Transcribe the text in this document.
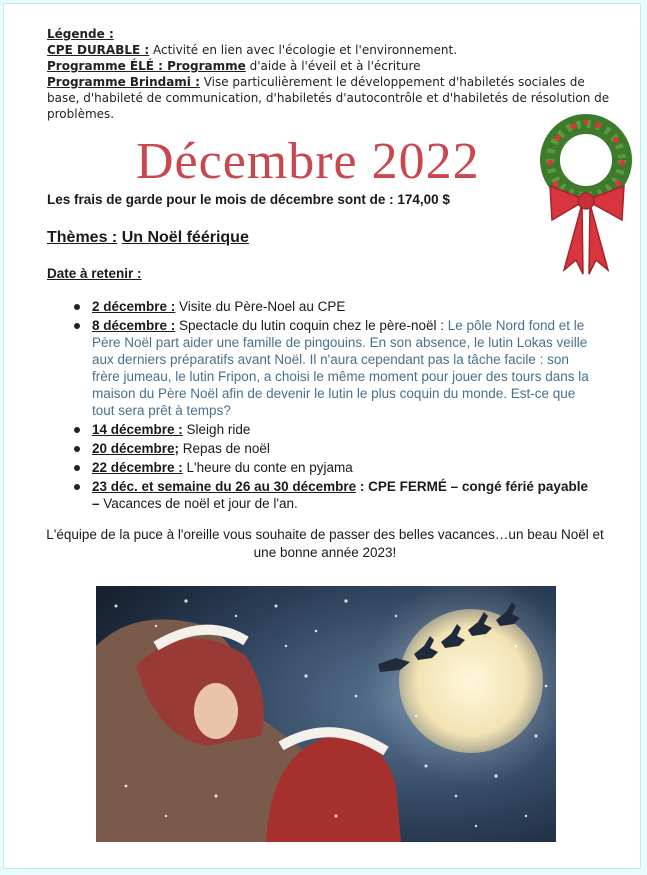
Légende :
CPE DURABLE : Activité en lien avec l'écologie et l'environnement.
Programme ÉLÉ : Programme d'aide à l'éveil et à l'écriture
Programme Brindami : Vise particulièrement le développement d'habiletés sociales de base, d'habileté de communication, d'habiletés d'autocontrôle et d'habiletés de résolution de problèmes.
Décembre 2022
Les frais de garde pour le mois de décembre sont de : 174,00 $
Thèmes : Un Noël féérique
Date à retenir :
2 décembre : Visite du Père-Noel au CPE
8 décembre : Spectacle du lutin coquin chez le père-noël : Le pôle Nord fond et le Père Noël part aider une famille de pingouins. En son absence, le lutin Lokas veille aux derniers préparatifs avant Noël. Il n'aura cependant pas la tâche facile : son frère jumeau, le lutin Fripon, a choisi le même moment pour jouer des tours dans la maison du Père Noël afin de devenir le lutin le plus coquin du monde. Est-ce que tout sera prêt à temps?
14 décembre : Sleigh ride
20 décembre; Repas de noël
22 décembre : L'heure du conte en pyjama
23 déc. et semaine du 26 au 30 décembre : CPE FERMÉ – congé férié payable – Vacances de noël et jour de l'an.
L'équipe de la puce à l'oreille vous souhaite de passer des belles vacances…un beau Noël et une bonne année 2023!
